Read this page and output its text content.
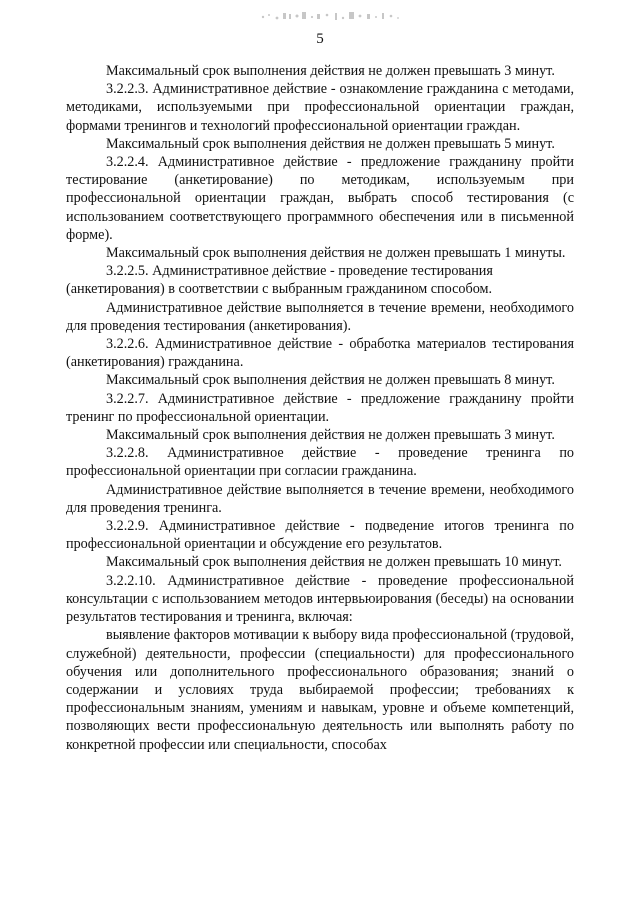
5

Максимальный срок выполнения действия не должен превышать 3 минут.

3.2.2.3. Административное действие - ознакомление гражданина с методами, методиками, используемыми при профессиональной ориентации граждан, формами тренингов и технологий профессиональной ориентации граждан.

Максимальный срок выполнения действия не должен превышать 5 минут.

3.2.2.4. Административное действие - предложение гражданину пройти тестирование (анкетирование) по методикам, используемым при профессиональной ориентации граждан, выбрать способ тестирования (с использованием соответствующего программного обеспечения или в письменной форме).

Максимальный срок выполнения действия не должен превышать 1 минуты.

3.2.2.5. Административное действие - проведение тестирования

(анкетирования) в соответствии с выбранным гражданином способом.

Административное действие выполняется в течение времени, необходимого для проведения тестирования (анкетирования).

3.2.2.6. Административное действие - обработка материалов тестирования (анкетирования) гражданина.

Максимальный срок выполнения действия не должен превышать 8 минут.

3.2.2.7. Административное действие - предложение гражданину пройти тренинг по профессиональной ориентации.

Максимальный срок выполнения действия не должен превышать 3 минут.

3.2.2.8. Административное действие - проведение тренинга по профессиональной ориентации при согласии гражданина.

Административное действие выполняется в течение времени, необходимого для проведения тренинга.

3.2.2.9. Административное действие - подведение итогов тренинга по профессиональной ориентации и обсуждение его результатов.

Максимальный срок выполнения действия не должен превышать 10 минут.

3.2.2.10. Административное действие - проведение профессиональной консультации с использованием методов интервьюирования (беседы) на основании результатов тестирования и тренинга, включая:

выявление факторов мотивации к выбору вида профессиональной (трудовой, служебной) деятельности, профессии (специальности) для профессионального обучения или дополнительного профессионального образования; знаний о содержании и условиях труда выбираемой профессии; требованиях к профессиональным знаниям, умениям и навыкам, уровне и объеме компетенций, позволяющих вести профессиональную деятельность или выполнять работу по конкретной профессии или специальности, способах
